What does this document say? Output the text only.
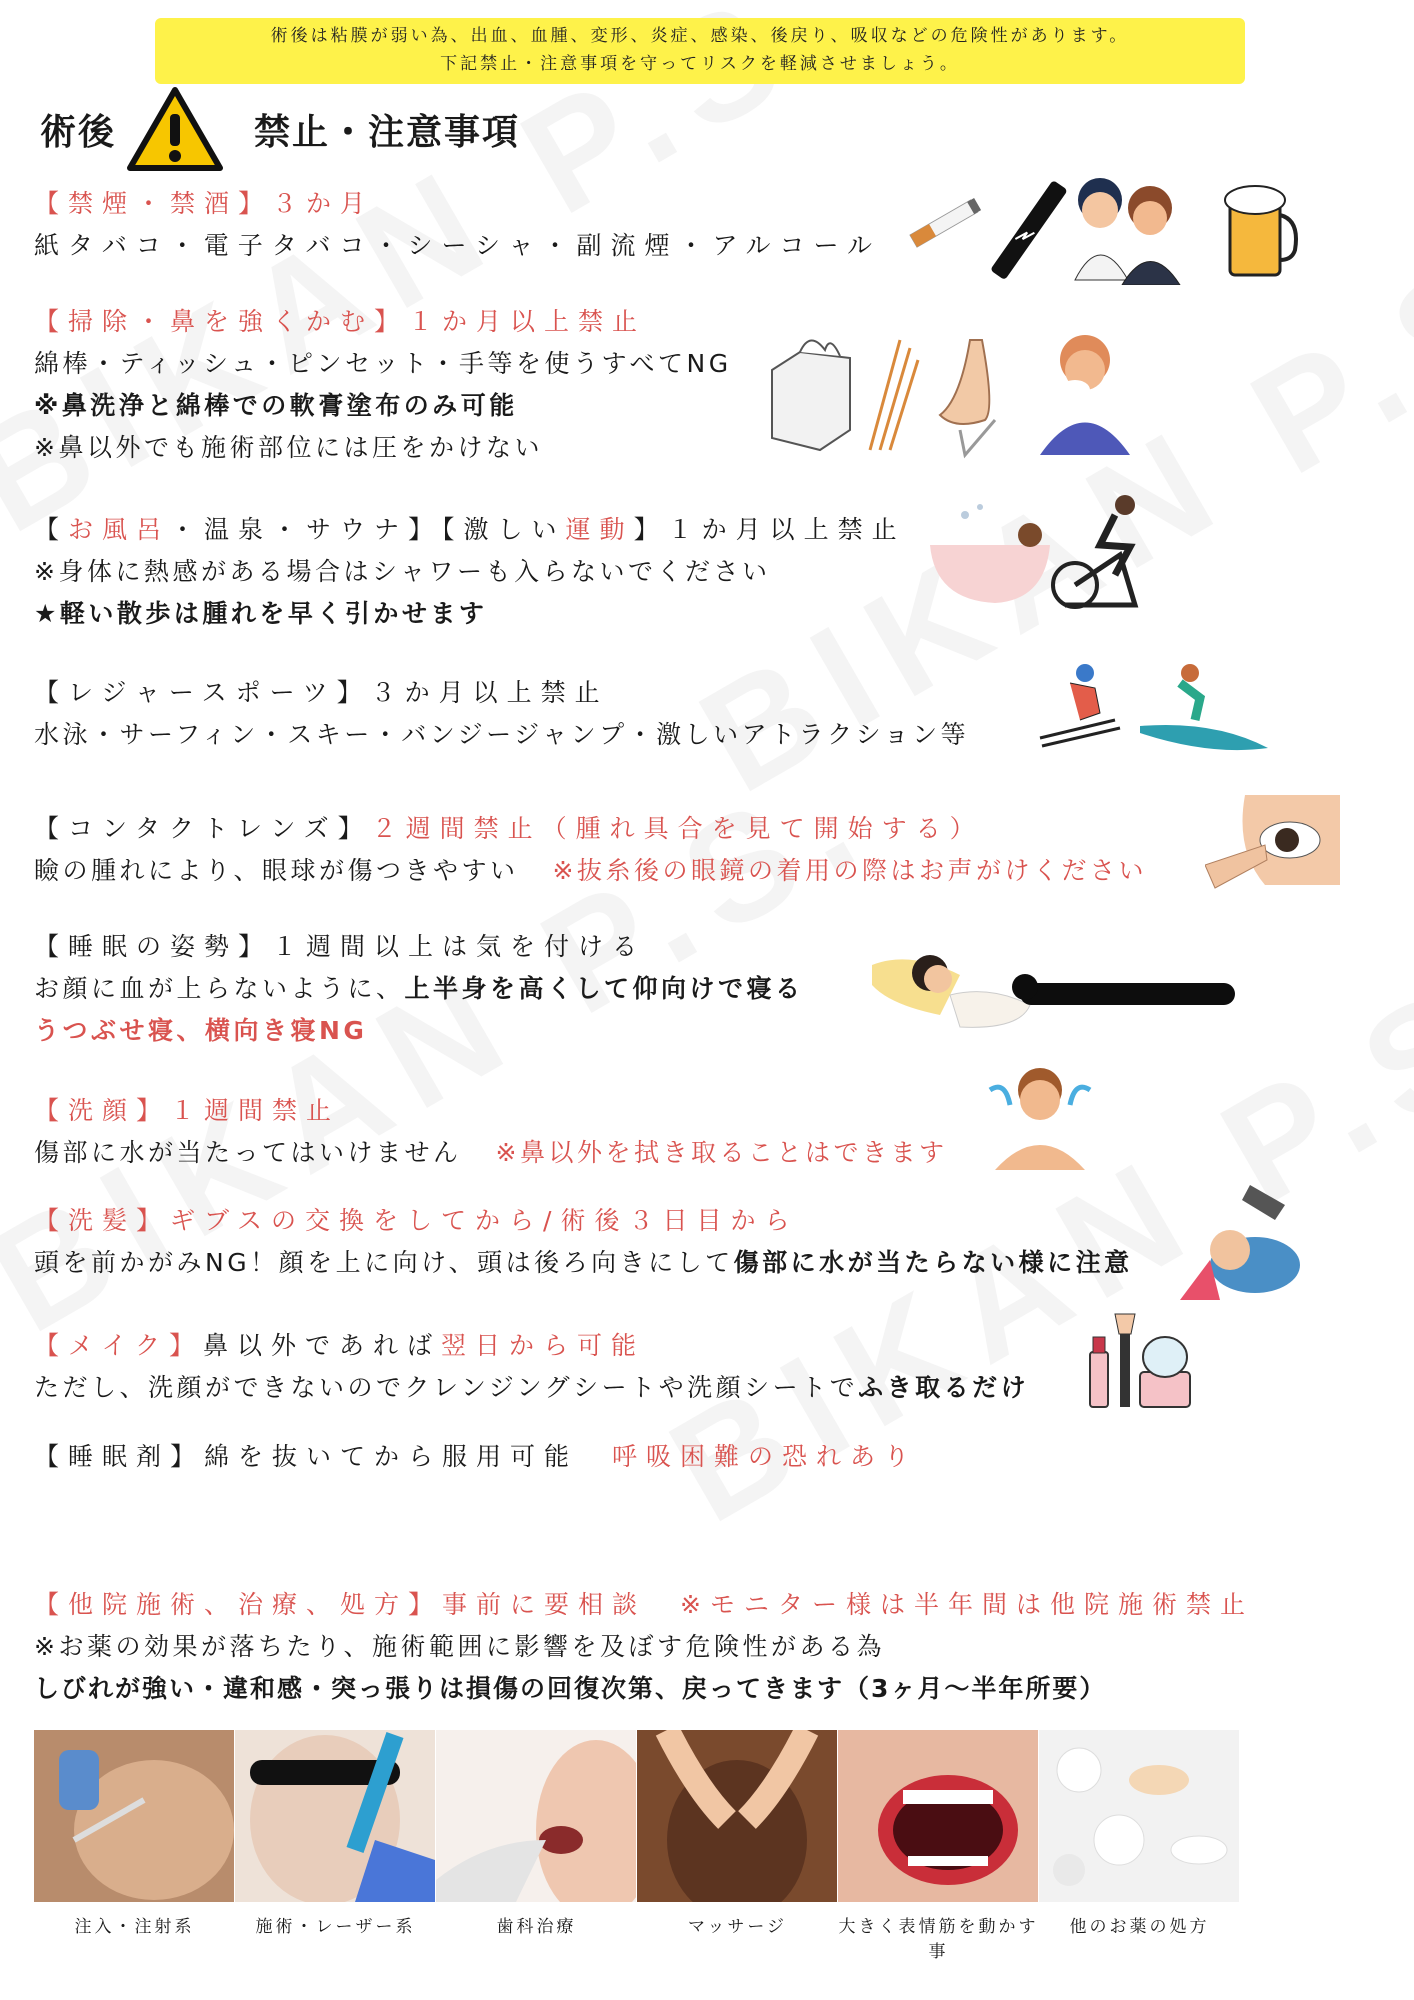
術後は粘膜が弱い為、出血、血腫、変形、炎症、感染、後戻り、吸収などの危険性があります。
下記禁止・注意事項を守ってリスクを軽減させましょう。
術後	禁止・注意事項
【禁煙・禁酒】３か月
紙タバコ・電子タバコ・シーシャ・副流煙・アルコール
【掃除・鼻を強くかむ】１か月以上禁止
綿棒・ティッシュ・ピンセット・手等を使うすべてNG
※鼻洗浄と綿棒での軟膏塗布のみ可能
※鼻以外でも施術部位には圧をかけない
【お風呂・温泉・サウナ】【激しい運動】１か月以上禁止
※身体に熱感がある場合はシャワーも入らないでください
★軽い散歩は腫れを早く引かせます
【レジャースポーツ】３か月以上禁止
水泳・サーフィン・スキー・バンジージャンプ・激しいアトラクション等
【コンタクトレンズ】２週間禁止（腫れ具合を見て開始する）
瞼の腫れにより、眼球が傷つきやすい ※抜糸後の眼鏡の着用の際はお声がけください
【睡眠の姿勢】１週間以上は気を付ける
お顔に血が上らないように、上半身を高くして仰向けで寝る
うつぶせ寝、横向き寝NG
【洗顔】１週間禁止
傷部に水が当たってはいけません ※鼻以外を拭き取ることはできます
【洗髪】ギブスの交換をしてから/術後３日目から
頭を前かがみNG！顔を上に向け、頭は後ろ向きにして傷部に水が当たらない様に注意
【メイク】鼻以外であれば翌日から可能
ただし、洗顔ができないのでクレンジングシートや洗顔シートでふき取るだけ
【睡眠剤】綿を抜いてから服用可能 呼吸困難の恐れあり
【他院施術、治療、処方】事前に要相談 ※モニター様は半年間は他院施術禁止
※お薬の効果が落ちたり、施術範囲に影響を及ぼす危険性がある為
しびれが強い・違和感・突っ張りは損傷の回復次第、戻ってきます（3ヶ月〜半年所要）
注入・注射系	施術・レーザー系	歯科治療	マッサージ	大きく表情筋を動かす事
他のお薬の処方
